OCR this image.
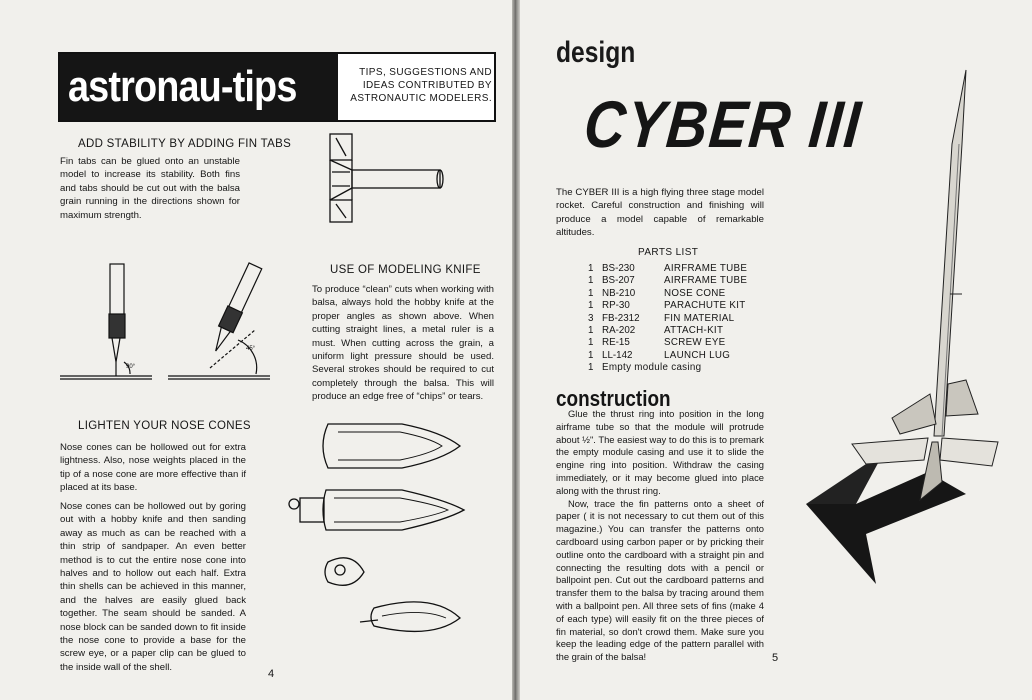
astronau-tips	TIPS, SUGGESTIONS AND IDEAS CONTRIBUTED BY ASTRONAUTIC MODELERS.
ADD STABILITY BY ADDING FIN TABS
Fin tabs can be glued onto an unstable model to increase its stability. Both fins and tabs should be cut out with the balsa grain running in the directions shown for maximum strength.
90°
45°
USE OF MODELING KNIFE
To produce “clean” cuts when working with balsa, always hold the hobby knife at the proper angles as shown above. When cutting straight lines, a metal ruler is a must. When cutting across the grain, a uniform light pressure should be used. Several strokes should be required to cut completely through the balsa. This will produce an edge free of “chips” or tears.
LIGHTEN YOUR NOSE CONES
Nose cones can be hollowed out for extra lightness. Also, nose weights placed in the tip of a nose cone are more effective than if placed at its base.
Nose cones can be hollowed out by goring out with a hobby knife and then sanding away as much as can be reached with a thin strip of sandpaper. An even better method is to cut the entire nose cone into halves and to hollow out each half. Extra thin shells can be achieved in this manner, and the halves are easily glued back together. The seam should be sanded. A nose block can be sanded down to fit inside the nose cone to provide a base for the screw eye, or a paper clip can be glued to the inside wall of the shell.
4
design
CYBER III
The CYBER III is a high flying three stage model rocket. Careful construction and finishing will produce a model capable of remarkable altitudes.
PARTS LIST
1 BS-230	AIRFRAME TUBE
1 BS-207	AIRFRAME TUBE
1 NB-210	NOSE CONE
1 RP-30	PARACHUTE KIT
3 FB-2312	FIN MATERIAL
1 RA-202	ATTACH-KIT
1 RE-15	SCREW EYE
1 LL-142	LAUNCH LUG
1 Empty module casing
construction

Glue the thrust ring into position in the long airframe tube so that the module will protrude about ½". The easiest way to do this is to premark the empty module casing and use it to slide the engine ring into position. Withdraw the casing immediately, or it may become glued into place along with the thrust ring.

Now, trace the fin patterns onto a sheet of paper ( it is not necessary to cut them out of this magazine.) You can transfer the patterns onto cardboard using carbon paper or by pricking their outline onto the cardboard with a straight pin and connecting the resulting dots with a pencil or ballpoint pen. Cut out the cardboard patterns and transfer them to the balsa by tracing around them with a ballpoint pen. All three sets of fins (make 4 of each type) will easily fit on the three pieces of fin material, so don't crowd them. Make sure you keep the leading edge of the pattern parallel with the grain of the balsa!	5
